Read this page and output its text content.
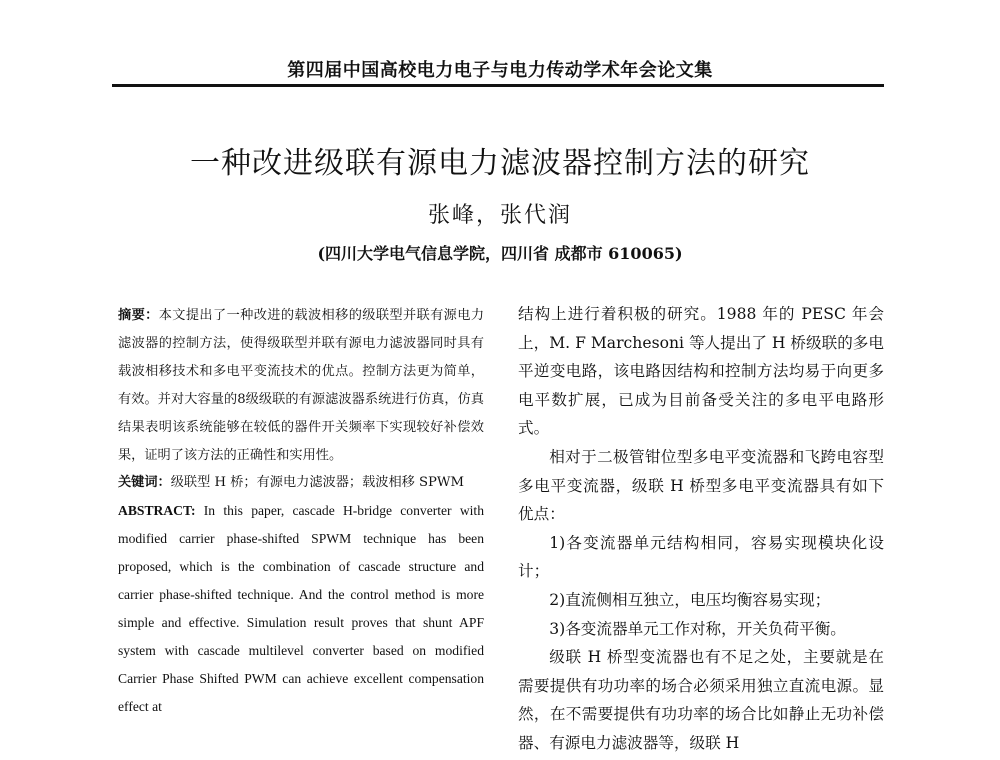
第四届中国高校电力电子与电力传动学术年会论文集
一种改进级联有源电力滤波器控制方法的研究
张峰，张代润
(四川大学电气信息学院，四川省 成都市 610065)

摘要：本文提出了一种改进的载波相移的级联型并联有源电力滤波器的控制方法，使得级联型并联有源电力滤波器同时具有载波相移技术和多电平变流技术的优点。控制方法更为简单，有效。并对大容量的8级级联的有源滤波器系统进行仿真，仿真结果表明该系统能够在较低的器件开关频率下实现较好补偿效果，证明了该方法的正确性和实用性。

关键词：级联型 H 桥；有源电力滤波器；载波相移 SPWM

ABSTRACT: In this paper, cascade H-bridge converter with modified carrier phase-shifted SPWM technique has been proposed, which is the combination of cascade structure and carrier phase-shifted technique. And the control method is more simple and effective. Simulation result proves that shunt APF system with cascade multilevel converter based on modified Carrier Phase Shifted PWM can achieve excellent compensation effect at

结构上进行着积极的研究。1988 年的 PESC 年会上，M. F Marchesoni 等人提出了 H 桥级联的多电平逆变电路，该电路因结构和控制方法均易于向更多电平数扩展，已成为目前备受关注的多电平电路形式。

相对于二极管钳位型多电平变流器和飞跨电容型多电平变流器，级联 H 桥型多电平变流器具有如下优点：

1)各变流器单元结构相同，容易实现模块化设计；

2)直流侧相互独立，电压均衡容易实现；

3)各变流器单元工作对称，开关负荷平衡。

级联 H 桥型变流器也有不足之处，主要就是在需要提供有功功率的场合必须采用独立直流电源。显然，在不需要提供有功功率的场合比如静止无功补偿器、有源电力滤波器等，级联 H
